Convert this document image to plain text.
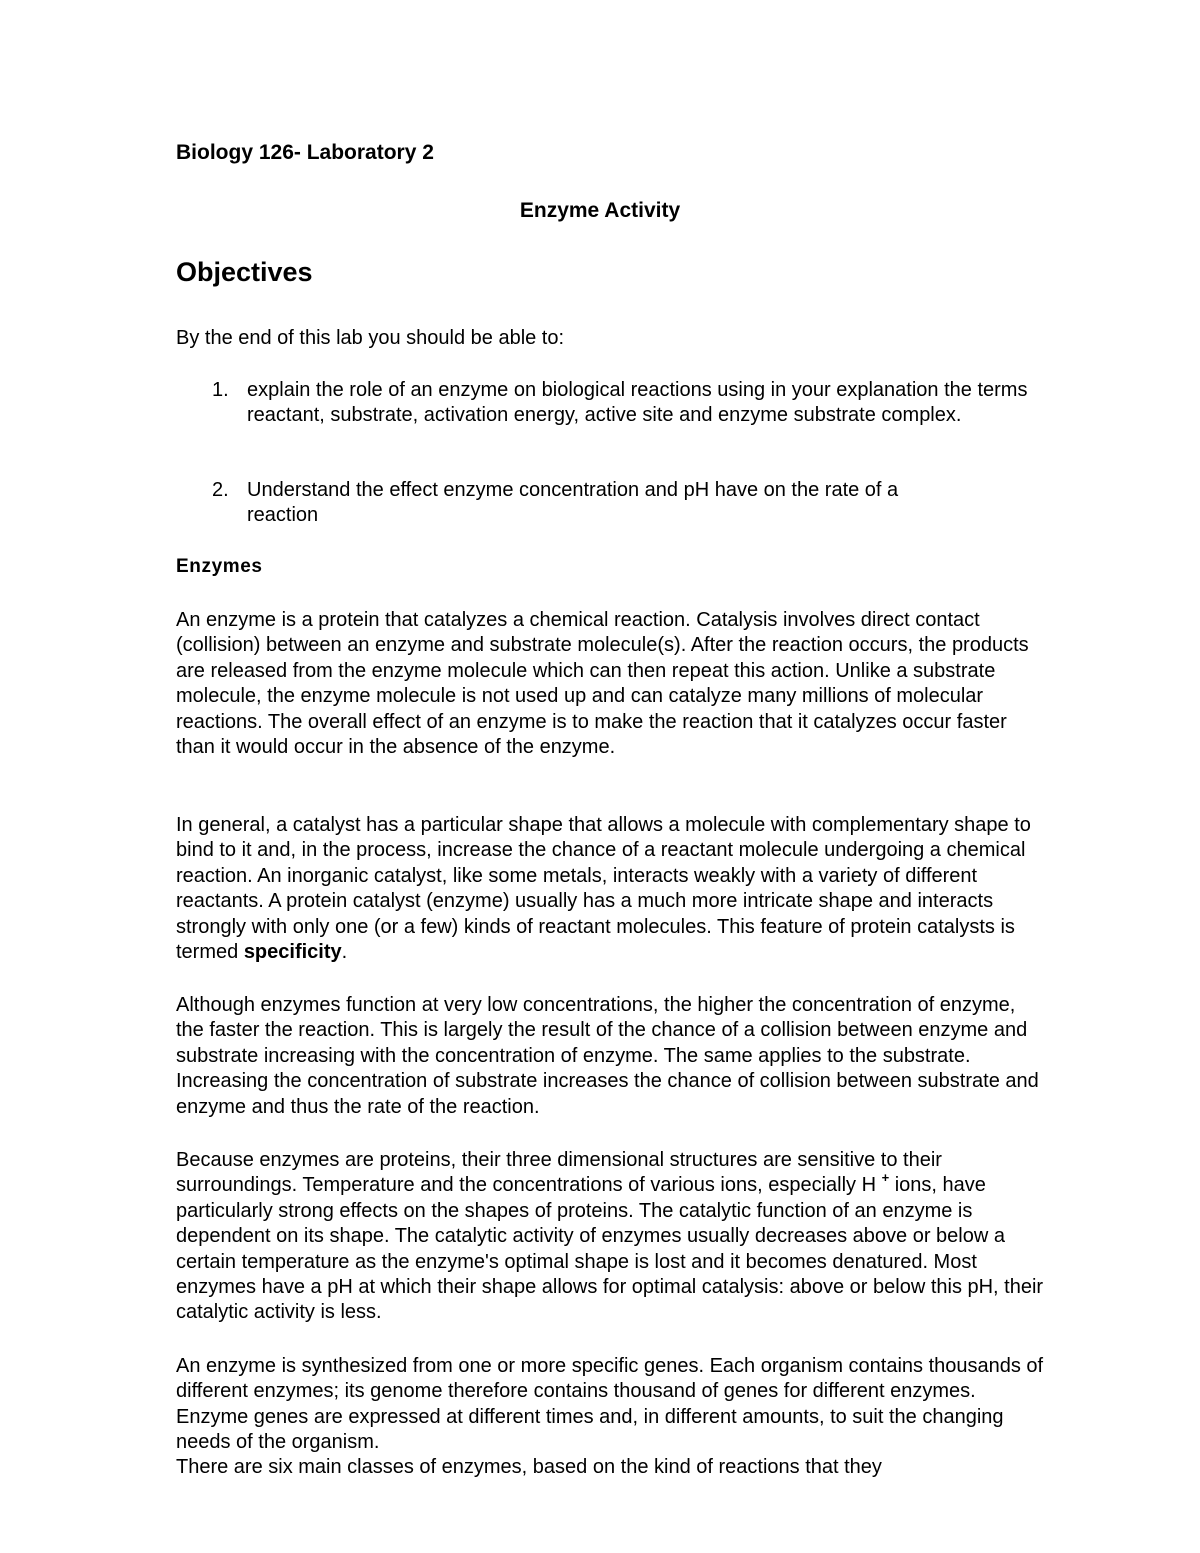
Biology 126- Laboratory 2

Enzyme Activity

Objectives

By the end of this lab you should be able to:

1. explain the role of an enzyme on biological reactions using in your explanation the terms reactant, substrate, activation energy, active site and enzyme substrate complex.
2. Understand the effect enzyme concentration and pH have on the rate of a reaction
Enzymes

An enzyme is a protein that catalyzes a chemical reaction. Catalysis involves direct contact (collision) between an enzyme and substrate molecule(s). After the reaction occurs, the products are released from the enzyme molecule which can then repeat this action. Unlike a substrate molecule, the enzyme molecule is not used up and can catalyze many millions of molecular reactions. The overall effect of an enzyme is to make the reaction that it catalyzes occur faster than it would occur in the absence of the enzyme.

In general, a catalyst has a particular shape that allows a molecule with complementary shape to bind to it and, in the process, increase the chance of a reactant molecule undergoing a chemical reaction. An inorganic catalyst, like some metals, interacts weakly with a variety of different reactants. A protein catalyst (enzyme) usually has a much more intricate shape and interacts strongly with only one (or a few) kinds of reactant molecules. This feature of protein catalysts is termed specificity.

Although enzymes function at very low concentrations, the higher the concentration of enzyme, the faster the reaction. This is largely the result of the chance of a collision between enzyme and substrate increasing with the concentration of enzyme. The same applies to the substrate. Increasing the concentration of substrate increases the chance of collision between substrate and enzyme and thus the rate of the reaction.

Because enzymes are proteins, their three dimensional structures are sensitive to their surroundings. Temperature and the concentrations of various ions, especially H + ions, have particularly strong effects on the shapes of proteins. The catalytic function of an enzyme is dependent on its shape. The catalytic activity of enzymes usually decreases above or below a certain temperature as the enzyme's optimal shape is lost and it becomes denatured. Most enzymes have a pH at which their shape allows for optimal catalysis: above or below this pH, their catalytic activity is less.

An enzyme is synthesized from one or more specific genes. Each organism contains thousands of different enzymes; its genome therefore contains thousand of genes for different enzymes. Enzyme genes are expressed at different times and, in different amounts, to suit the changing needs of the organism.

There are six main classes of enzymes, based on the kind of reactions that they
